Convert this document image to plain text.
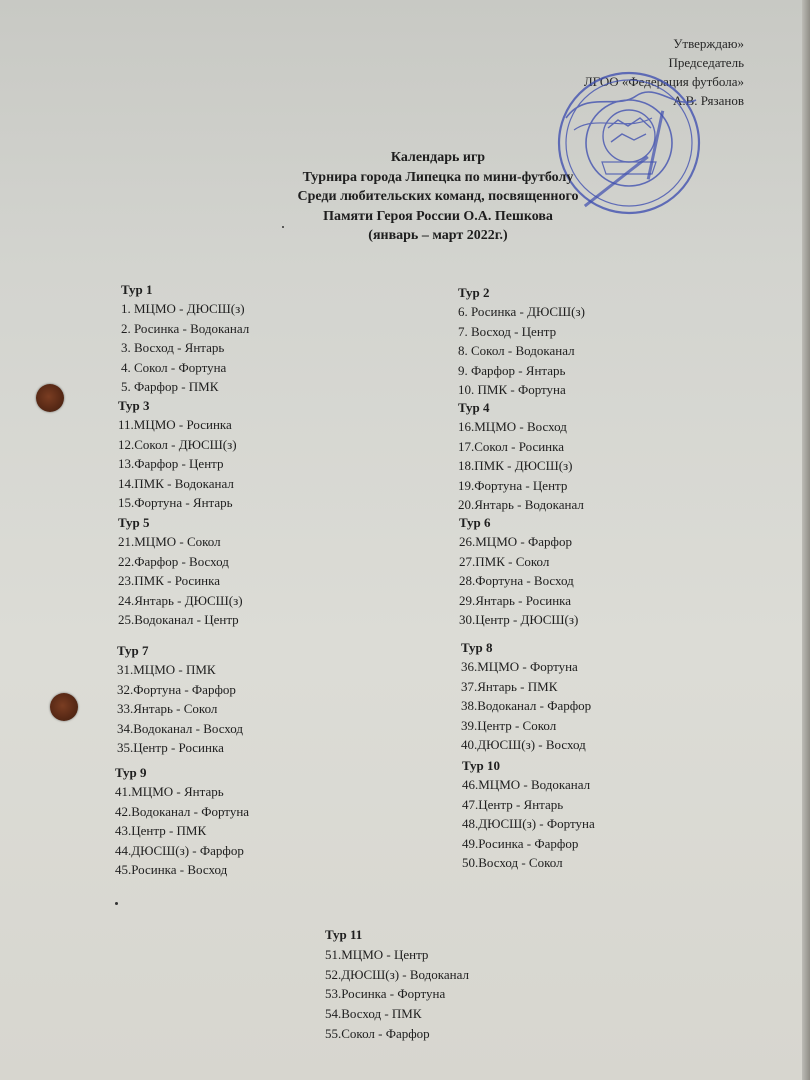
Утверждаю»
Председатель
ЛГОО «Федерация футбола»
А.В. Рязанов
Календарь игр
Турнира города Липецка по мини-футболу
Среди любительских команд, посвященного
Памяти Героя России О.А. Пешкова
(январь – март 2022г.)
Тур 1
1. МЦМО - ДЮСШ(з)
2. Росинка - Водоканал
3. Восход - Янтарь
4. Сокол - Фортуна
5. Фарфор - ПМК
Тур 2
6. Росинка - ДЮСШ(з)
7. Восход - Центр
8. Сокол - Водоканал
9. Фарфор - Янтарь
10. ПМК - Фортуна
Тур 3
11.МЦМО - Росинка
12.Сокол - ДЮСШ(з)
13.Фарфор - Центр
14.ПМК - Водоканал
15.Фортуна - Янтарь
Тур 4
16.МЦМО - Восход
17.Сокол - Росинка
18.ПМК - ДЮСШ(з)
19.Фортуна - Центр
20.Янтарь - Водоканал
Тур 5
21.МЦМО - Сокол
22.Фарфор - Восход
23.ПМК - Росинка
24.Янтарь - ДЮСШ(з)
25.Водоканал - Центр
Тур 6
26.МЦМО - Фарфор
27.ПМК - Сокол
28.Фортуна - Восход
29.Янтарь - Росинка
30.Центр - ДЮСШ(з)
Тур 7
31.МЦМО - ПМК
32.Фортуна - Фарфор
33.Янтарь - Сокол
34.Водоканал - Восход
35.Центр - Росинка
Тур 8
36.МЦМО - Фортуна
37.Янтарь - ПМК
38.Водоканал - Фарфор
39.Центр - Сокол
40.ДЮСШ(з) - Восход
Тур 9
41.МЦМО - Янтарь
42.Водоканал - Фортуна
43.Центр - ПМК
44.ДЮСШ(з) - Фарфор
45.Росинка - Восход
Тур 10
46.МЦМО - Водоканал
47.Центр - Янтарь
48.ДЮСШ(з) - Фортуна
49.Росинка - Фарфор
50.Восход - Сокол
Тур 11
51.МЦМО - Центр
52.ДЮСШ(з) - Водоканал
53.Росинка - Фортуна
54.Восход - ПМК
55.Сокол - Фарфор
